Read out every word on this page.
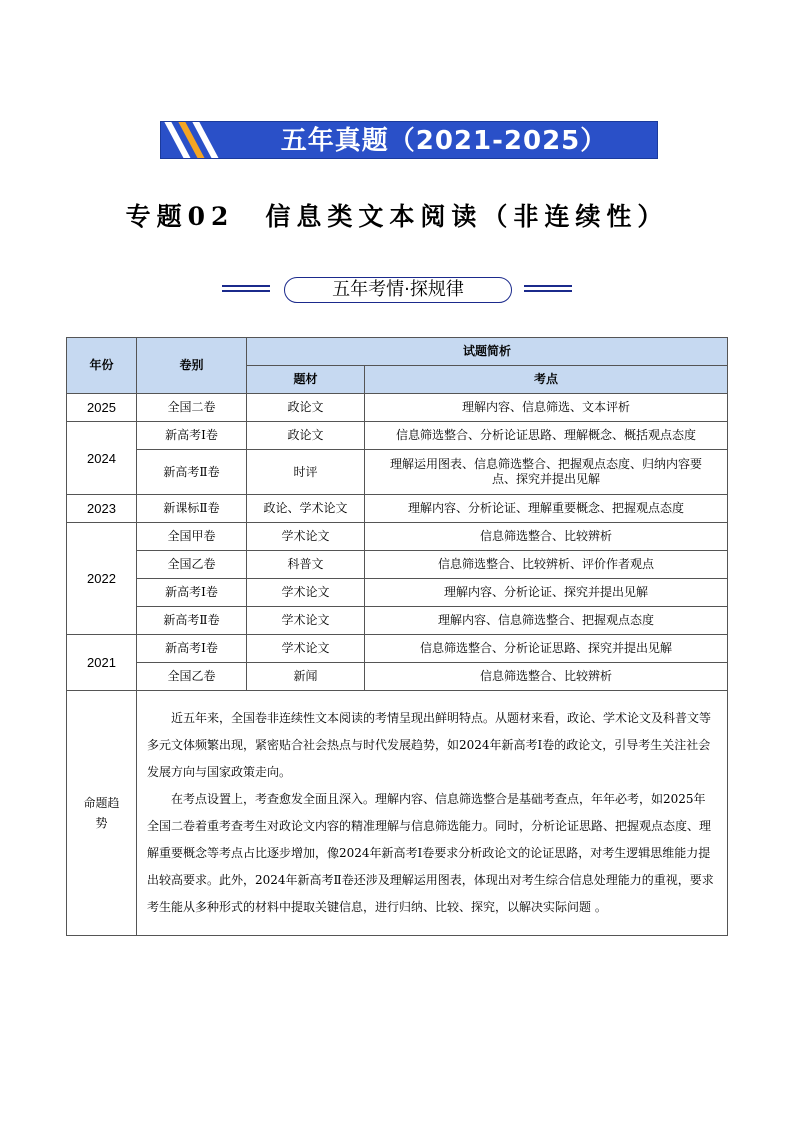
五年真题（2021-2025）
专题02　信息类文本阅读（非连续性）
五年考情·探规律
年份	卷别	试题简析	
		题材	考点
2025	全国二卷	政论文	理解内容、信息筛选、文本评析
2024	新高考Ⅰ卷	政论文	信息筛选整合、分析论证思路、理解概念、概括观点态度
	新高考Ⅱ卷	时评	理解运用图表、信息筛选整合、把握观点态度、归纳内容要点、探究并提出见解
2023	新课标Ⅱ卷	政论、学术论文	理解内容、分析论证、理解重要概念、把握观点态度
2022	全国甲卷	学术论文	信息筛选整合、比较辨析
	全国乙卷	科普文	信息筛选整合、比较辨析、评价作者观点
	新高考Ⅰ卷	学术论文	理解内容、分析论证、探究并提出见解
	新高考Ⅱ卷	学术论文	理解内容、信息筛选整合、把握观点态度
2021	新高考Ⅰ卷	学术论文	信息筛选整合、分析论证思路、探究并提出见解
	全国乙卷	新闻	信息筛选整合、比较辨析
命题趋势	近五年来，全国卷非连续性文本阅读的考情呈现出鲜明特点。从题材来看，政论、学术论文及科普文等多元文体频繁出现，紧密贴合社会热点与时代发展趋势，如2024年新高考Ⅰ卷的政论文，引导考生关注社会发展方向与国家政策走向。

在考点设置上，考查愈发全面且深入。理解内容、信息筛选整合是基础考查点，年年必考，如2025年全国二卷着重考查考生对政论文内容的精准理解与信息筛选能力。同时，分析论证思路、把握观点态度、理解重要概念等考点占比逐步增加，像2024年新高考Ⅰ卷要求分析政论文的论证思路，对考生逻辑思维能力提出较高要求。此外，2024年新高考Ⅱ卷还涉及理解运用图表，体现出对考生综合信息处理能力的重视，要求考生能从多种形式的材料中提取关键信息，进行归纳、比较、探究，以解决实际问题 。		
